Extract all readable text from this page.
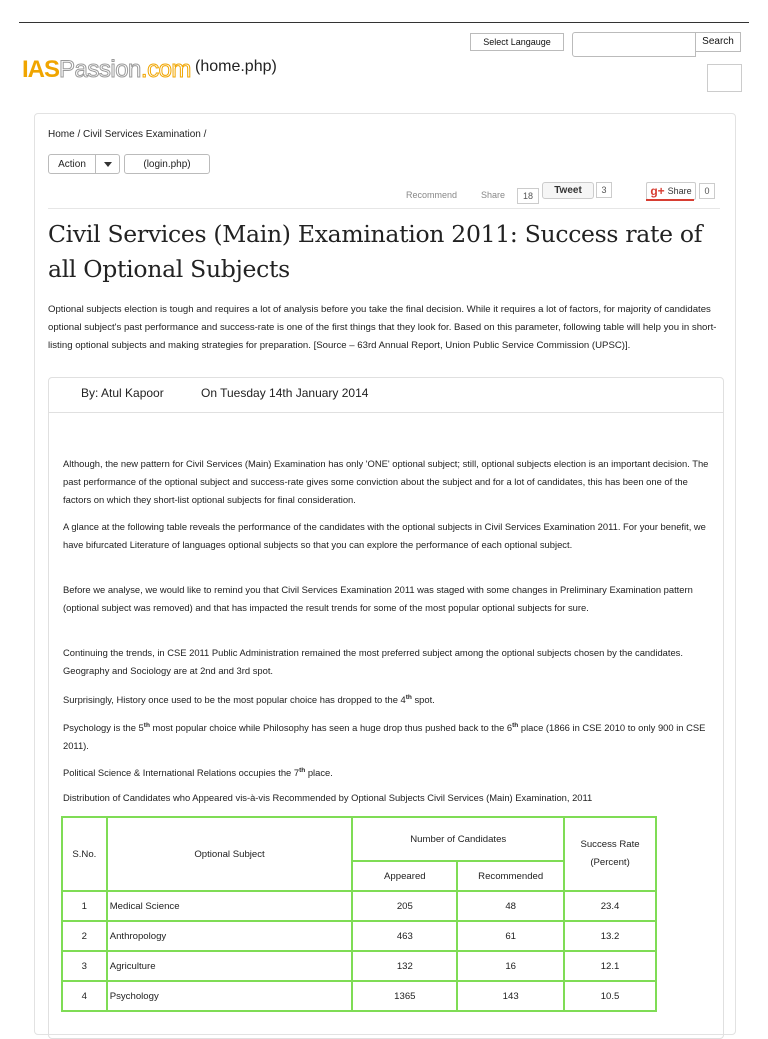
Select Langauge	Search
IAS Passion .com (home.php)
Home / Civil Services Examination /
Action	(login.php)
Recommend	Share	18	Tweet	3	g+ Share	0
Civil Services (Main) Examination 2011: Success rate of all Optional Subjects

Optional subjects election is tough and requires a lot of analysis before you take the final decision. While it requires a lot of factors, for majority of candidates optional subject's past performance and success-rate is one of the first things that they look for. Based on this parameter, following table will help you in short-listing optional subjects and making strategies for preparation. [Source – 63rd Annual Report, Union Public Service Commission (UPSC)].

By: Atul Kapoor	On Tuesday 14th January 2014

Although, the new pattern for Civil Services (Main) Examination has only 'ONE' optional subject; still, optional subjects election is an important decision. The past performance of the optional subject and success-rate gives some conviction about the subject and for a lot of candidates, this has been one of the factors on which they short-list optional subjects for final consideration.

A glance at the following table reveals the performance of the candidates with the optional subjects in Civil Services Examination 2011. For your benefit, we have bifurcated Literature of languages optional subjects so that you can explore the performance of each optional subject.

Before we analyse, we would like to remind you that Civil Services Examination 2011 was staged with some changes in Preliminary Examination pattern (optional subject was removed) and that has impacted the result trends for some of the most popular optional subjects for sure.

Continuing the trends, in CSE 2011 Public Administration remained the most preferred subject among the optional subjects chosen by the candidates. Geography and Sociology are at 2nd and 3rd spot.

Surprisingly, History once used to be the most popular choice has dropped to the 4th spot.

Psychology is the 5th most popular choice while Philosophy has seen a huge drop thus pushed back to the 6th place (1866 in CSE 2010 to only 900 in CSE 2011).

Political Science & International Relations occupies the 7th place.

Distribution of Candidates who Appeared vis-à-vis Recommended by Optional Subjects Civil Services (Main) Examination, 2011

S.No.	Optional Subject	Number of Candidates		Success Rate (Percent)
		Appeared	Recommended	
1	Medical Science	205	48	23.4
2	Anthropology	463	61	13.2
3	Agriculture	132	16	12.1
4	Psychology	1365	143	10.5
